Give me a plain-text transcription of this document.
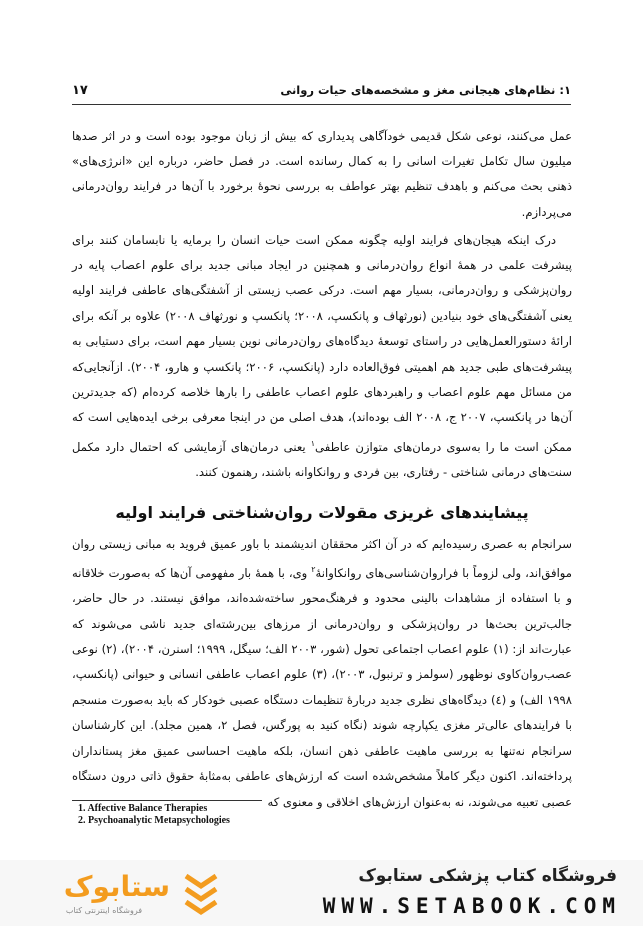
۱: نظام‌های هیجانی مغز و مشخصه‌های حیات روانی
۱۷

عمل می‌کنند، نوعی شکل قدیمی خودآگاهی پدیداری که بیش از زبان موجود بوده است و در اثر صدها میلیون سال تکامل تغیرات اسانی را به کمال رسانده است. در فصل حاضر، درباره این «انرژی‌های» ذهنی بحث می‌کنم و باهدف تنظیم بهتر عواطف به بررسی نحوهٔ برخورد با آن‌ها در فرایند روان‌درمانی می‌پردازم.

درک اینکه هیجان‌های فرایند اولیه چگونه ممکن است حیات انسان را برمایه یا نابسامان کنند برای پیشرفت علمی در همهٔ انواع روان‌درمانی و همچنین در ایجاد مبانی جدید برای علوم اعصاب پایه در روان‌پزشکی و روان‌درمانی، بسیار مهم است. درکی عصب زیستی از آشفتگی‌های عاطفی فرایند اولیه یعنی آشفتگی‌های خود بنیادین (نورثهاف و پانکسپ، ۲۰۰۸؛ پانکسپ و نورثهاف ۲۰۰۸) علاوه بر آنکه برای ارائهٔ دستورالعمل‌هایی در راستای توسعهٔ دیدگاه‌های روان‌درمانی نوین بسیار مهم است، برای دستیابی به پیشرفت‌های طبی جدید هم اهمیتی فوق‌العاده دارد (پانکسپ، ۲۰۰۶؛ پانکسپ و هارو، ۲۰۰۴). ازآنجایی‌که من مسائل مهم علوم اعصاب و راهبردهای علوم اعصاب عاطفی را بارها خلاصه کرده‌ام (که جدیدترین آن‌ها در پانکسپ، ۲۰۰۷ ج، ۲۰۰۸ الف بوده‌اند)، هدف اصلی من در اینجا معرفی برخی ایده‌هایی است که ممکن است ما را به‌سوی درمان‌های متوازن عاطفی$^۱$ یعنی درمان‌های آزمایشی که احتمال دارد مکمل سنت‌های درمانی شناختی - رفتاری، بین فردی و روانکاوانه باشند، رهنمون کنند.

پیشایندهای غریزی مقولات روان‌شناختی فرایند اولیه

سرانجام به عصری رسیده‌ایم که در آن اکثر محققان اندیشمند با باور عمیق فروید به مبانی زیستی روان موافق‌اند، ولی لزوماً با فراروان‌شناسی‌های روانکاوانهٔ$^۲$ وی، با همهٔ بار مفهومی آن‌ها که به‌صورت خلاقانه و با استفاده از مشاهدات بالینی محدود و فرهنگ‌محور ساخته‌شده‌اند، موافق نیستند. در حال حاضر، جالب‌ترین بحث‌ها در روان‌پزشکی و روان‌درمانی از مرزهای بین‌رشته‌ای جدید ناشی می‌شوند که عبارت‌اند از: (۱) علوم اعصاب اجتماعی تحول (شور، ۲۰۰۳ الف؛ سیگل، ۱۹۹۹؛ اسنرن، ۲۰۰۴)، (۲) نوعی عصب‌روان‌کاوی نوظهور (سولمز و ترنبول، ۲۰۰۳)، (۳) علوم اعصاب عاطفی انسانی و حیوانی (پانکسپ، ۱۹۹۸ الف) و (٤) دیدگاه‌های نظری جدید دربارهٔ تنظیمات دستگاه عصبی خودکار که باید به‌صورت منسجم با فرایندهای عالی‌تر مغزی یکپارچه شوند (نگاه کنید به پورگس، فصل ۲، همین مجلد). این کارشناسان سرانجام نه‌تنها به بررسی ماهیت عاطفی ذهن انسان، بلکه ماهیت احساسی عمیق مغز پستانداران پرداخته‌اند. اکنون دیگر کاملاً مشخص‌شده است که ارزش‌های عاطفی به‌مثابهٔ حقوق ذاتی درون دستگاه عصبی تعبیه می‌شوند، نه به‌عنوان ارزش‌های اخلاقی و معنوی که

1. Affective Balance Therapies
2. Psychoanalytic Metapsychologies
ستابوک
فروشگاه اینترنتی کتاب
فروشگاه کتاب پزشکی ستابوک
WWW.SETABOOK.COM
